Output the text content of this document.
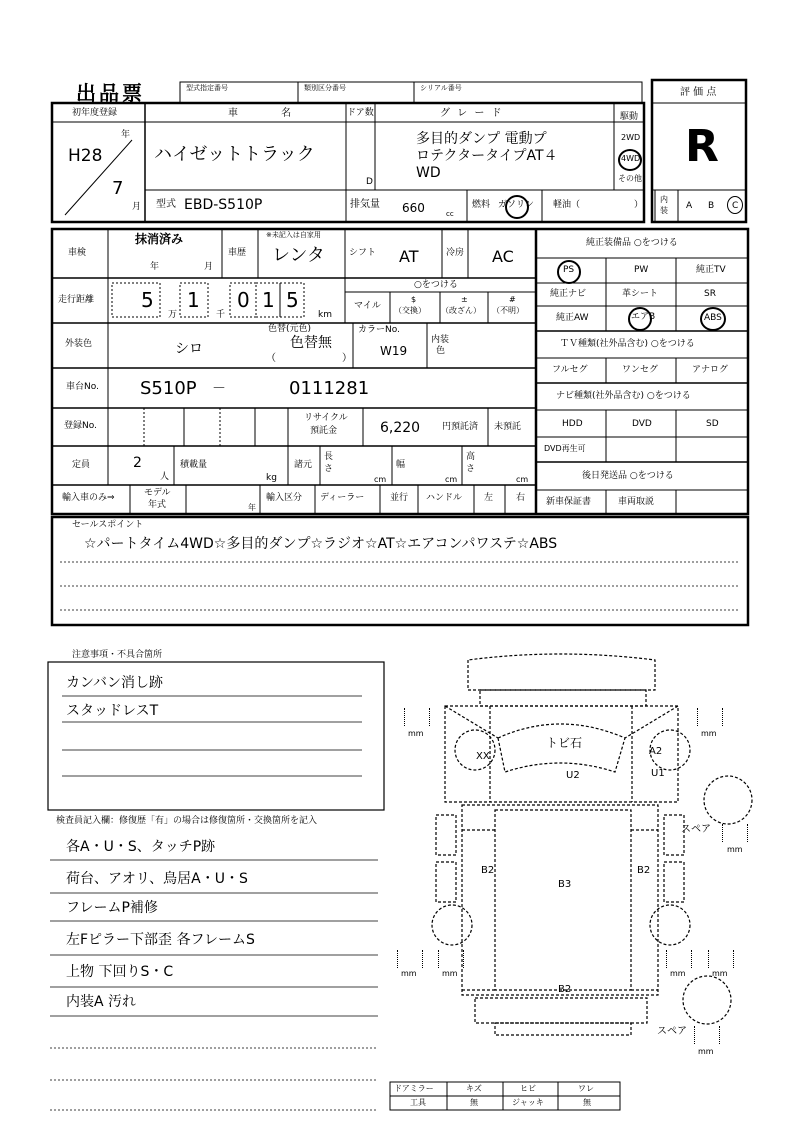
出品票	型式指定番号	類別区分番号	シリアル番号	評 価 点
R
初年度登録
年
H28
7
月
車 名
ハイゼットトラック
ドア数
D
グ レ ー ド
多目的ダンプ 電動プ
ロテクタータイプAT４
WD
駆動
2WD
4WD
その他
型式 EBD-S510P	排気量 660	cc
燃料 ガソリン 軽油（	）
内
装 A B C
車検
抹消済み
年	月
車歴
※未記入は自家用
レンタ	シフト AT	冷房 AC
走行距離 5
万
1
千
0 1 5
km
○をつける
マイル
$
（交換）
±
（改ざん）
#
（不明）
外装色	シロ
色替(元色)
色替無
（	）
カラーNo.
W19
内装
色
車台No. S510P －	0111281
登録No.
リサイクル
預託金	6,220 円預託済 未預託
定員	2
人
積載量
kg
諸元
長
さ
cm
幅
cm
高
さ
cm
輸入車のみ⇒	モデル
年式	年
輸入区分 ディーラー	並行 ハンドル 左	右
純正装備品 ○をつける
PS	PW	純正TV
純正ナビ	革シート	SR
純正AW	エアB	ABS
ＴＶ種類(社外品含む) ○をつける
フルセグ	ワンセグ	アナログ
ナビ種類(社外品含む) ○をつける
HDD	DVD	SD
DVD再生可
後日発送品 ○をつける
新車保証書	車両取説
セールスポイント
☆パートタイム4WD☆多目的ダンプ☆ラジオ☆AT☆エアコンパワステ☆ABS
注意事項・不具合箇所
カンバン消し跡
スタッドレスT
検査員記入欄：修復歴「有」の場合は修復箇所・交換箇所を記入
各A・U・S、タッチP跡
荷台、アオリ、鳥居A・U・S
フレームP補修
左Fピラー下部歪 各フレームS
上物 下回りS・C
内装A 汚れ
トビ石
XX	A2
U1
U2
B2	B2
B3
B2
mm	mm
スペア
mm
mm	mm	mm	mm
スペア
mm
ドアミラー	キズ	ヒビ	ワレ
工具	無	ジャッキ	無
